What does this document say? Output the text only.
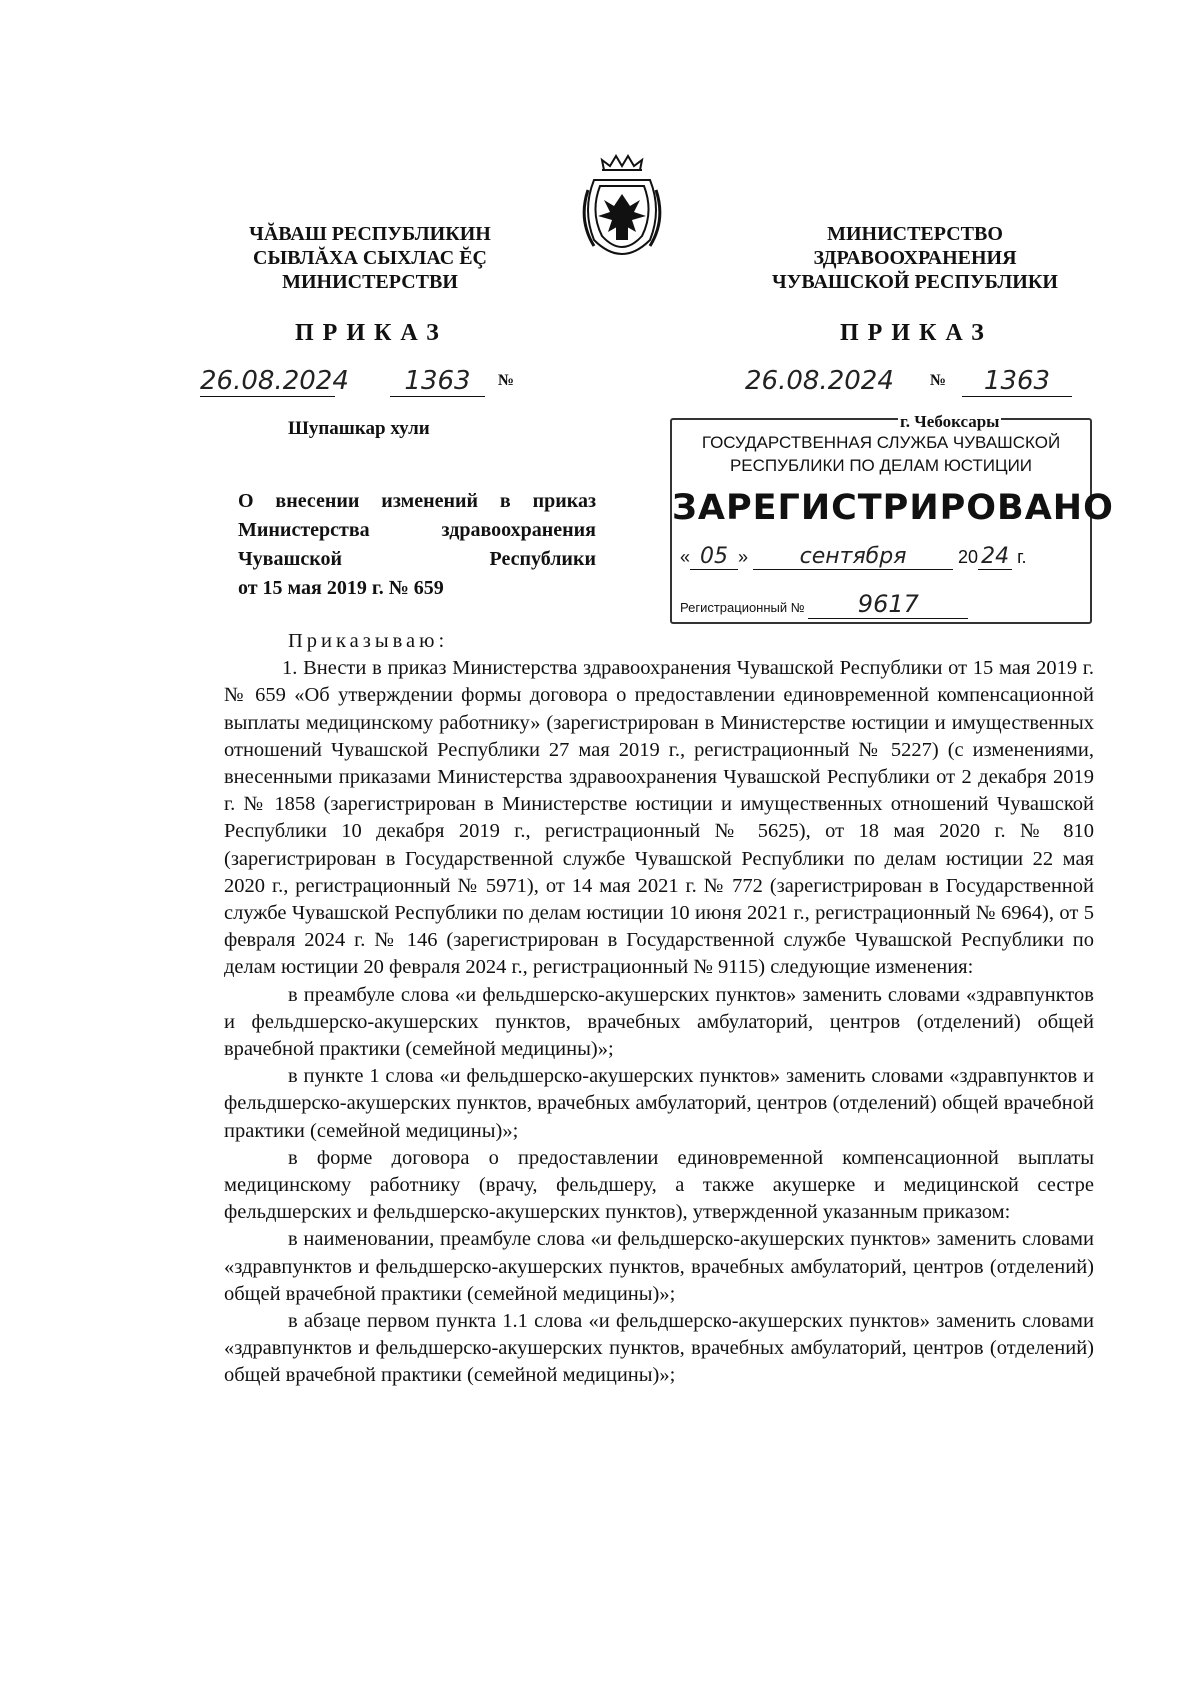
ЧĂВАШ РЕСПУБЛИКИН
СЫВЛĂХА СЫХЛАС ĔÇ
МИНИСТЕРСТВИ
МИНИСТЕРСТВО
ЗДРАВООХРАНЕНИЯ
ЧУВАШСКОЙ РЕСПУБЛИКИ
ПРИКАЗ	ПРИКАЗ
26.08.2024	1363	№	26.08.2024	№	1363
Шупашкар хули
О внесении изменений в приказ
Министерства здравоохранения
Чувашской Республики
от 15 мая 2019 г. № 659
ГОСУДАРСТВЕННАЯ СЛУЖБА ЧУВАШСКОЙ
РЕСПУБЛИКИ ПО ДЕЛАМ ЮСТИЦИИ
ЗАРЕГИСТРИРОВАНО
« 05 » сентября	20 24 г.
Регистрационный № 9617
г. Чебоксары

Приказываю:

1. Внести в приказ Министерства здравоохранения Чувашской Республики от 15 мая 2019 г. № 659 «Об утверждении формы договора о предоставлении единовременной компенсационной выплаты медицинскому работнику» (зарегистрирован в Министерстве юстиции и имущественных отношений Чувашской Республики 27 мая 2019 г., регистрационный № 5227) (с изменениями, внесенными приказами Министерства здравоохранения Чувашской Республики от 2 декабря 2019 г. № 1858 (зарегистрирован в Министерстве юстиции и имущественных отношений Чувашской Республики 10 декабря 2019 г., регистрационный № 5625), от 18 мая 2020 г. № 810 (зарегистрирован в Государственной службе Чувашской Республики по делам юстиции 22 мая 2020 г., регистрационный № 5971), от 14 мая 2021 г. № 772 (зарегистрирован в Государственной службе Чувашской Республики по делам юстиции 10 июня 2021 г., регистрационный № 6964), от 5 февраля 2024 г. № 146 (зарегистрирован в Государственной службе Чувашской Республики по делам юстиции 20 февраля 2024 г., регистрационный № 9115) следующие изменения:

в преамбуле слова «и фельдшерско-акушерских пунктов» заменить словами «здравпунктов и фельдшерско-акушерских пунктов, врачебных амбулаторий, центров (отделений) общей врачебной практики (семейной медицины)»;

в пункте 1 слова «и фельдшерско-акушерских пунктов» заменить словами «здравпунктов и фельдшерско-акушерских пунктов, врачебных амбулаторий, центров (отделений) общей врачебной практики (семейной медицины)»;

в форме договора о предоставлении единовременной компенсационной выплаты медицинскому работнику (врачу, фельдшеру, а также акушерке и медицинской сестре фельдшерских и фельдшерско-акушерских пунктов), утвержденной указанным приказом:

в наименовании, преамбуле слова «и фельдшерско-акушерских пунктов» заменить словами «здравпунктов и фельдшерско-акушерских пунктов, врачебных амбулаторий, центров (отделений) общей врачебной практики (семейной медицины)»;

в абзаце первом пункта 1.1 слова «и фельдшерско-акушерских пунктов» заменить словами «здравпунктов и фельдшерско-акушерских пунктов, врачебных амбулаторий, центров (отделений) общей врачебной практики (семейной медицины)»;
